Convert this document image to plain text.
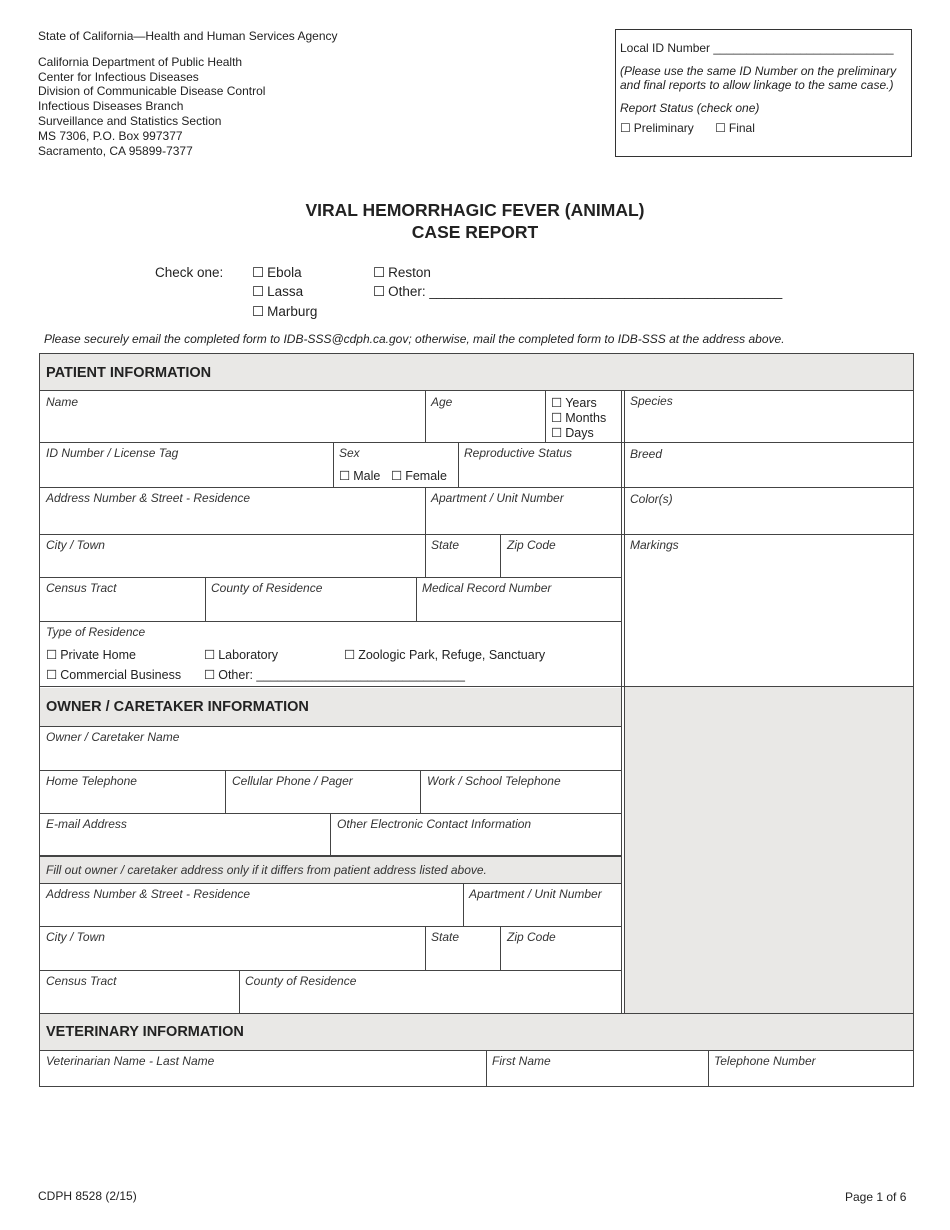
State of California—Health and Human Services Agency
California Department of Public Health
Center for Infectious Diseases
Division of Communicable Disease Control
Infectious Diseases Branch
Surveillance and Statistics Section
MS 7306, P.O. Box 997377
Sacramento, CA 95899-7377
Local ID Number ___________________________
(Please use the same ID Number on the preliminary and final reports to allow linkage to the same case.)
Report Status (check one)
☐ Preliminary	☐ Final
VIRAL HEMORRHAGIC FEVER (ANIMAL)
CASE REPORT
Check one:	☐ Ebola
☐ Lassa
☐ Marburg
☐ Reston
☐ Other: _______________________________________________
Please securely email the completed form to IDB-SSS@cdph.ca.gov; otherwise, mail the completed form to IDB-SSS at the address above.
PATIENT INFORMATION
Name	Age	☐ Years
☐ Months
☐ Days
Species
ID Number / License Tag	Sex
☐ Male	☐ Female
Reproductive Status	Breed
Address Number & Street - Residence	Apartment / Unit Number	Color(s)
City / Town	State	Zip Code	Markings
Census Tract	County of Residence	Medical Record Number
Type of Residence
☐ Private Home	☐ Laboratory	☐ Zoologic Park, Refuge, Sanctuary
☐ Commercial Business	☐ Other: ______________________________
OWNER / CARETAKER INFORMATION
Owner / Caretaker Name
Home Telephone	Cellular Phone / Pager	Work / School Telephone
E-mail Address	Other Electronic Contact Information
Fill out owner / caretaker address only if it differs from patient address listed above.
Address Number & Street - Residence	Apartment / Unit Number
City / Town	State	Zip Code
Census Tract	County of Residence
VETERINARY INFORMATION
Veterinarian Name - Last Name	First Name	Telephone Number
CDPH 8528 (2/15)	Page 1 of 6
